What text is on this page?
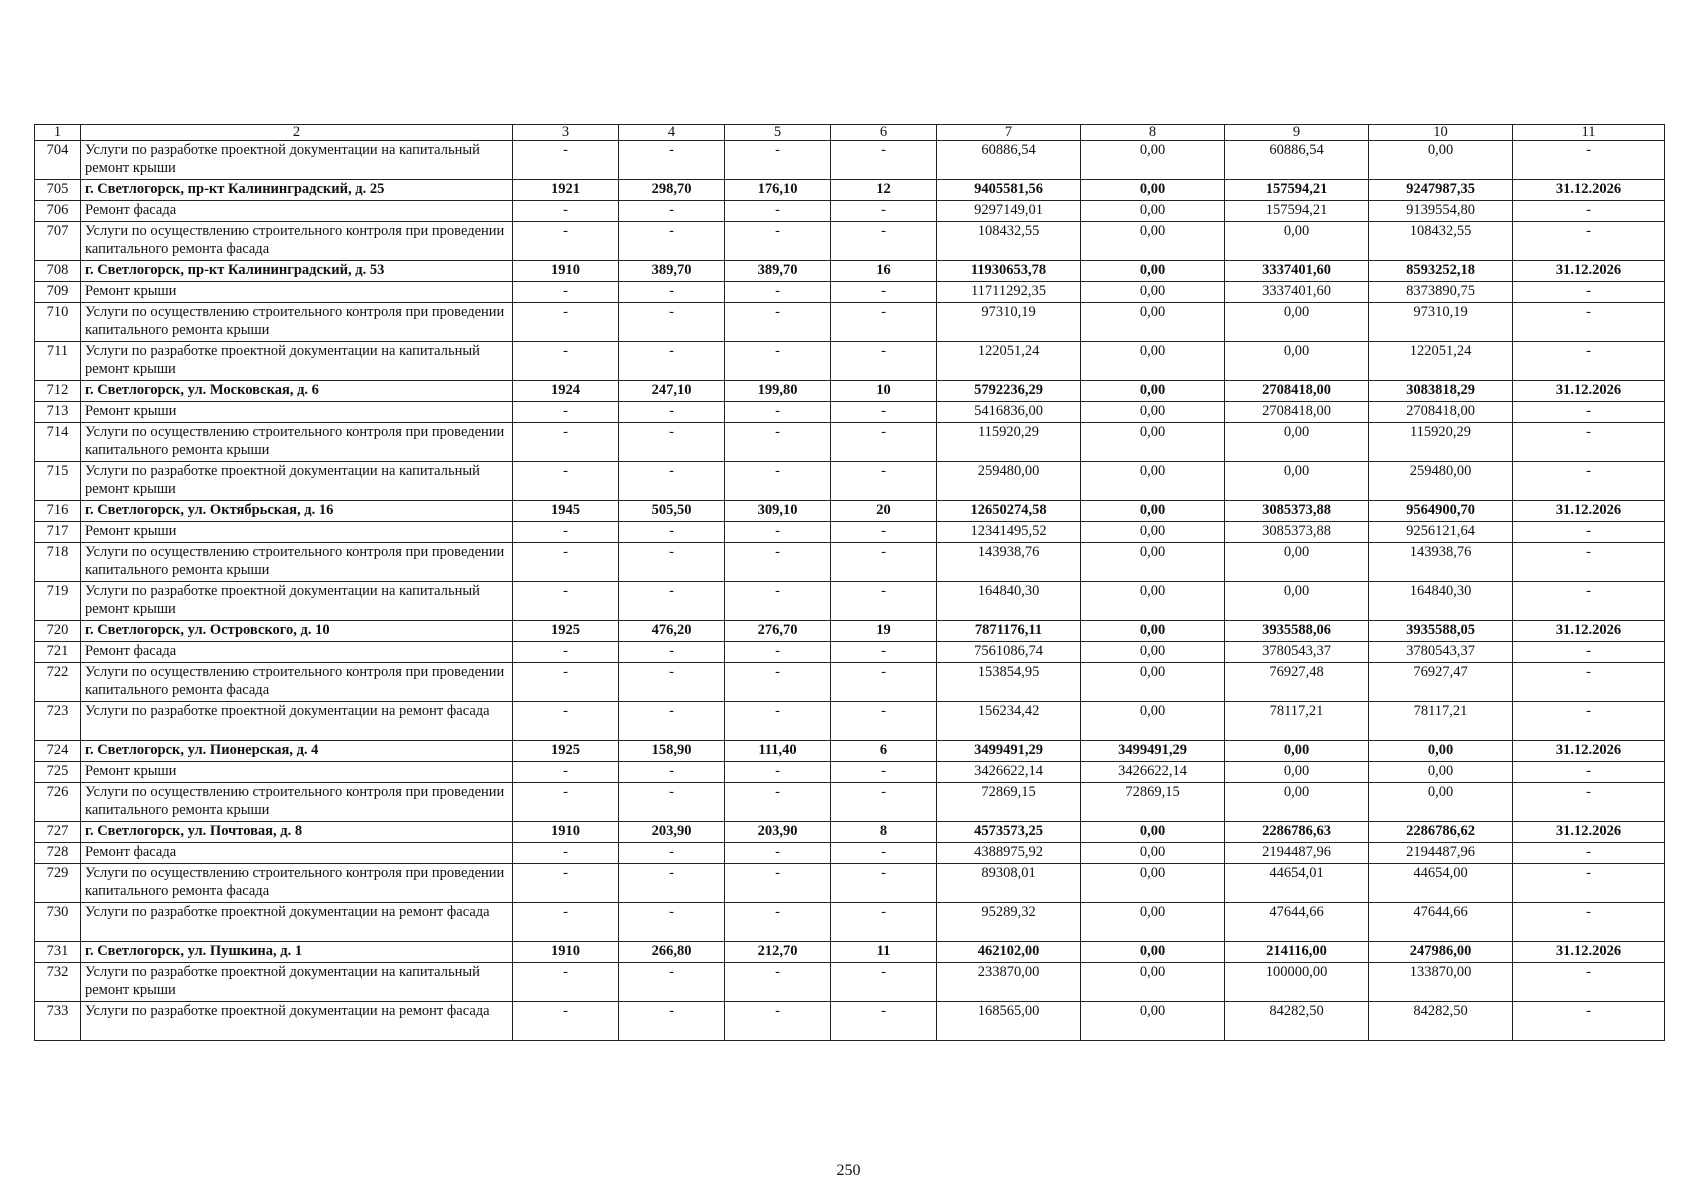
1	2	3	4	5	6	7	8	9	10	11
704	Услуги по разработке проектной документации на капитальный ремонт крыши	-	-	-	-	60886,54	0,00	60886,54	0,00	-
705	г. Светлогорск, пр-кт Калининградский, д. 25	1921	298,70	176,10	12	9405581,56	0,00	157594,21	9247987,35	31.12.2026
706	Ремонт фасада	-	-	-	-	9297149,01	0,00	157594,21	9139554,80	-
707	Услуги по осуществлению строительного контроля при проведении капитального ремонта фасада	-	-	-	-	108432,55	0,00	0,00	108432,55	-
708	г. Светлогорск, пр-кт Калининградский, д. 53	1910	389,70	389,70	16	11930653,78	0,00	3337401,60	8593252,18	31.12.2026
709	Ремонт крыши	-	-	-	-	11711292,35	0,00	3337401,60	8373890,75	-
710	Услуги по осуществлению строительного контроля при проведении капитального ремонта крыши	-	-	-	-	97310,19	0,00	0,00	97310,19	-
711	Услуги по разработке проектной документации на капитальный ремонт крыши	-	-	-	-	122051,24	0,00	0,00	122051,24	-
712	г. Светлогорск, ул. Московская, д. 6	1924	247,10	199,80	10	5792236,29	0,00	2708418,00	3083818,29	31.12.2026
713	Ремонт крыши	-	-	-	-	5416836,00	0,00	2708418,00	2708418,00	-
714	Услуги по осуществлению строительного контроля при проведении капитального ремонта крыши	-	-	-	-	115920,29	0,00	0,00	115920,29	-
715	Услуги по разработке проектной документации на капитальный ремонт крыши	-	-	-	-	259480,00	0,00	0,00	259480,00	-
716	г. Светлогорск, ул. Октябрьская, д. 16	1945	505,50	309,10	20	12650274,58	0,00	3085373,88	9564900,70	31.12.2026
717	Ремонт крыши	-	-	-	-	12341495,52	0,00	3085373,88	9256121,64	-
718	Услуги по осуществлению строительного контроля при проведении капитального ремонта крыши	-	-	-	-	143938,76	0,00	0,00	143938,76	-
719	Услуги по разработке проектной документации на капитальный ремонт крыши	-	-	-	-	164840,30	0,00	0,00	164840,30	-
720	г. Светлогорск, ул. Островского, д. 10	1925	476,20	276,70	19	7871176,11	0,00	3935588,06	3935588,05	31.12.2026
721	Ремонт фасада	-	-	-	-	7561086,74	0,00	3780543,37	3780543,37	-
722	Услуги по осуществлению строительного контроля при проведении капитального ремонта фасада	-	-	-	-	153854,95	0,00	76927,48	76927,47	-
723	Услуги по разработке проектной документации на ремонт фасада	-	-	-	-	156234,42	0,00	78117,21	78117,21	-
724	г. Светлогорск, ул. Пионерская, д. 4	1925	158,90	111,40	6	3499491,29	3499491,29	0,00	0,00	31.12.2026
725	Ремонт крыши	-	-	-	-	3426622,14	3426622,14	0,00	0,00	-
726	Услуги по осуществлению строительного контроля при проведении капитального ремонта крыши	-	-	-	-	72869,15	72869,15	0,00	0,00	-
727	г. Светлогорск, ул. Почтовая, д. 8	1910	203,90	203,90	8	4573573,25	0,00	2286786,63	2286786,62	31.12.2026
728	Ремонт фасада	-	-	-	-	4388975,92	0,00	2194487,96	2194487,96	-
729	Услуги по осуществлению строительного контроля при проведении капитального ремонта фасада	-	-	-	-	89308,01	0,00	44654,01	44654,00	-
730	Услуги по разработке проектной документации на ремонт фасада	-	-	-	-	95289,32	0,00	47644,66	47644,66	-
731	г. Светлогорск, ул. Пушкина, д. 1	1910	266,80	212,70	11	462102,00	0,00	214116,00	247986,00	31.12.2026
732	Услуги по разработке проектной документации на капитальный ремонт крыши	-	-	-	-	233870,00	0,00	100000,00	133870,00	-
733	Услуги по разработке проектной документации на ремонт фасада	-	-	-	-	168565,00	0,00	84282,50	84282,50	-
250
